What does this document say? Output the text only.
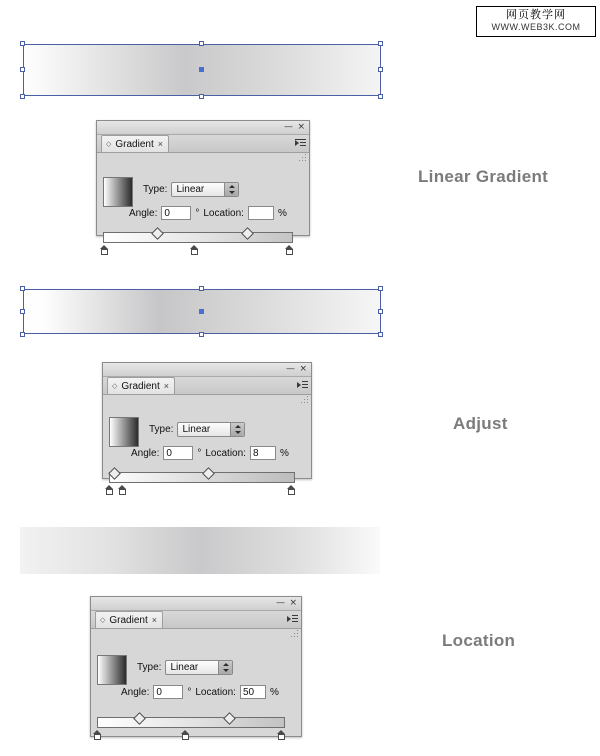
网页教学网
WWW.WEB3K.COM
Linear Gradient
— ×
◇ Gradient ×
Type: Linear
Angle: 0	° Location:	%
Adjust
— ×
◇ Gradient ×
Type: Linear
Angle: 0	° Location: 8	%
Location
— ×
◇ Gradient ×
Type: Linear
Angle: 0	° Location: 50	%
